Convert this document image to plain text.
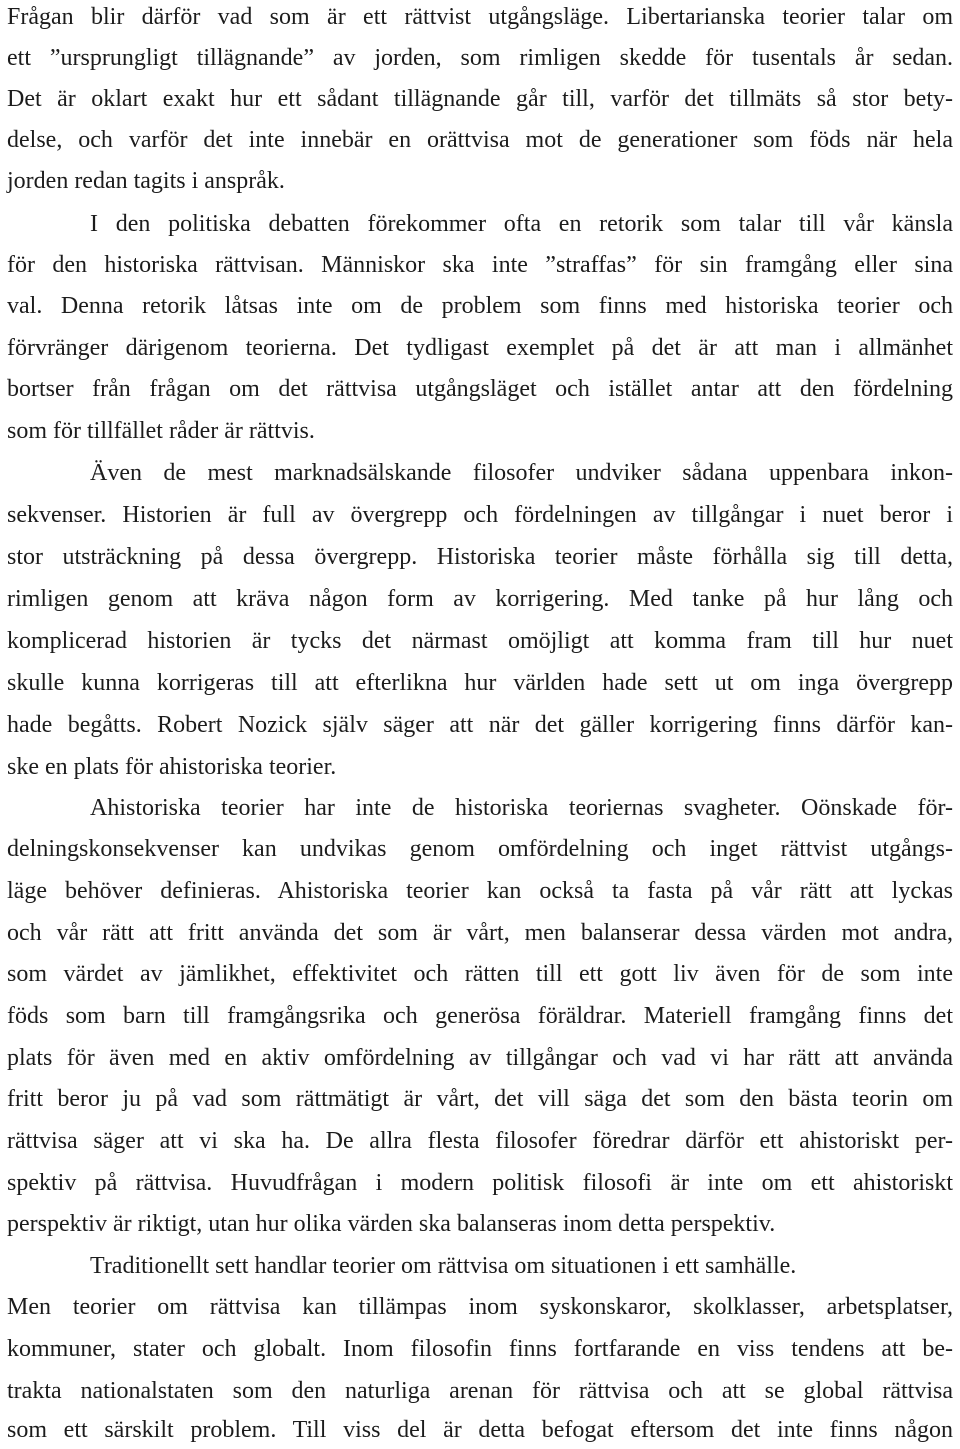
Frågan blir därför vad som är ett rättvist utgångsläge. Libertarianska teorier talar om
ett ”ursprungligt tillägnande” av jorden, som rimligen skedde för tusentals år sedan.
Det är oklart exakt hur ett sådant tillägnande går till, varför det tillmäts så stor bety-
delse, och varför det inte innebär en orättvisa mot de generationer som föds när hela
jorden redan tagits i anspråk.
I den politiska debatten förekommer ofta en retorik som talar till vår känsla
för den historiska rättvisan. Människor ska inte ”straffas” för sin framgång eller sina
val. Denna retorik låtsas inte om de problem som finns med historiska teorier och
förvränger därigenom teorierna. Det tydligast exemplet på det är att man i allmänhet
bortser från frågan om det rättvisa utgångsläget och istället antar att den fördelning
som för tillfället råder är rättvis.
Även de mest marknadsälskande filosofer undviker sådana uppenbara inkon-
sekvenser. Historien är full av övergrepp och fördelningen av tillgångar i nuet beror i
stor utsträckning på dessa övergrepp. Historiska teorier måste förhålla sig till detta,
rimligen genom att kräva någon form av korrigering. Med tanke på hur lång och
komplicerad historien är tycks det närmast omöjligt att komma fram till hur nuet
skulle kunna korrigeras till att efterlikna hur världen hade sett ut om inga övergrepp
hade begåtts. Robert Nozick själv säger att när det gäller korrigering finns därför kan-
ske en plats för ahistoriska teorier.
Ahistoriska teorier har inte de historiska teoriernas svagheter. Oönskade för-
delningskonsekvenser kan undvikas genom omfördelning och inget rättvist utgångs-
läge behöver definieras. Ahistoriska teorier kan också ta fasta på vår rätt att lyckas
och vår rätt att fritt använda det som är vårt, men balanserar dessa värden mot andra,
som värdet av jämlikhet, effektivitet och rätten till ett gott liv även för de som inte
föds som barn till framgångsrika och generösa föräldrar. Materiell framgång finns det
plats för även med en aktiv omfördelning av tillgångar och vad vi har rätt att använda
fritt beror ju på vad som rättmätigt är vårt, det vill säga det som den bästa teorin om
rättvisa säger att vi ska ha. De allra flesta filosofer föredrar därför ett ahistoriskt per-
spektiv på rättvisa. Huvudfrågan i modern politisk filosofi är inte om ett ahistoriskt
perspektiv är riktigt, utan hur olika värden ska balanseras inom detta perspektiv.
Traditionellt sett handlar teorier om rättvisa om situationen i ett samhälle.
Men teorier om rättvisa kan tillämpas inom syskonskaror, skolklasser, arbetsplatser,
kommuner, stater och globalt. Inom filosofin finns fortfarande en viss tendens att be-
trakta nationalstaten som den naturliga arenan för rättvisa och att se global rättvisa
som ett särskilt problem. Till viss del är detta befogat eftersom det inte finns någon
